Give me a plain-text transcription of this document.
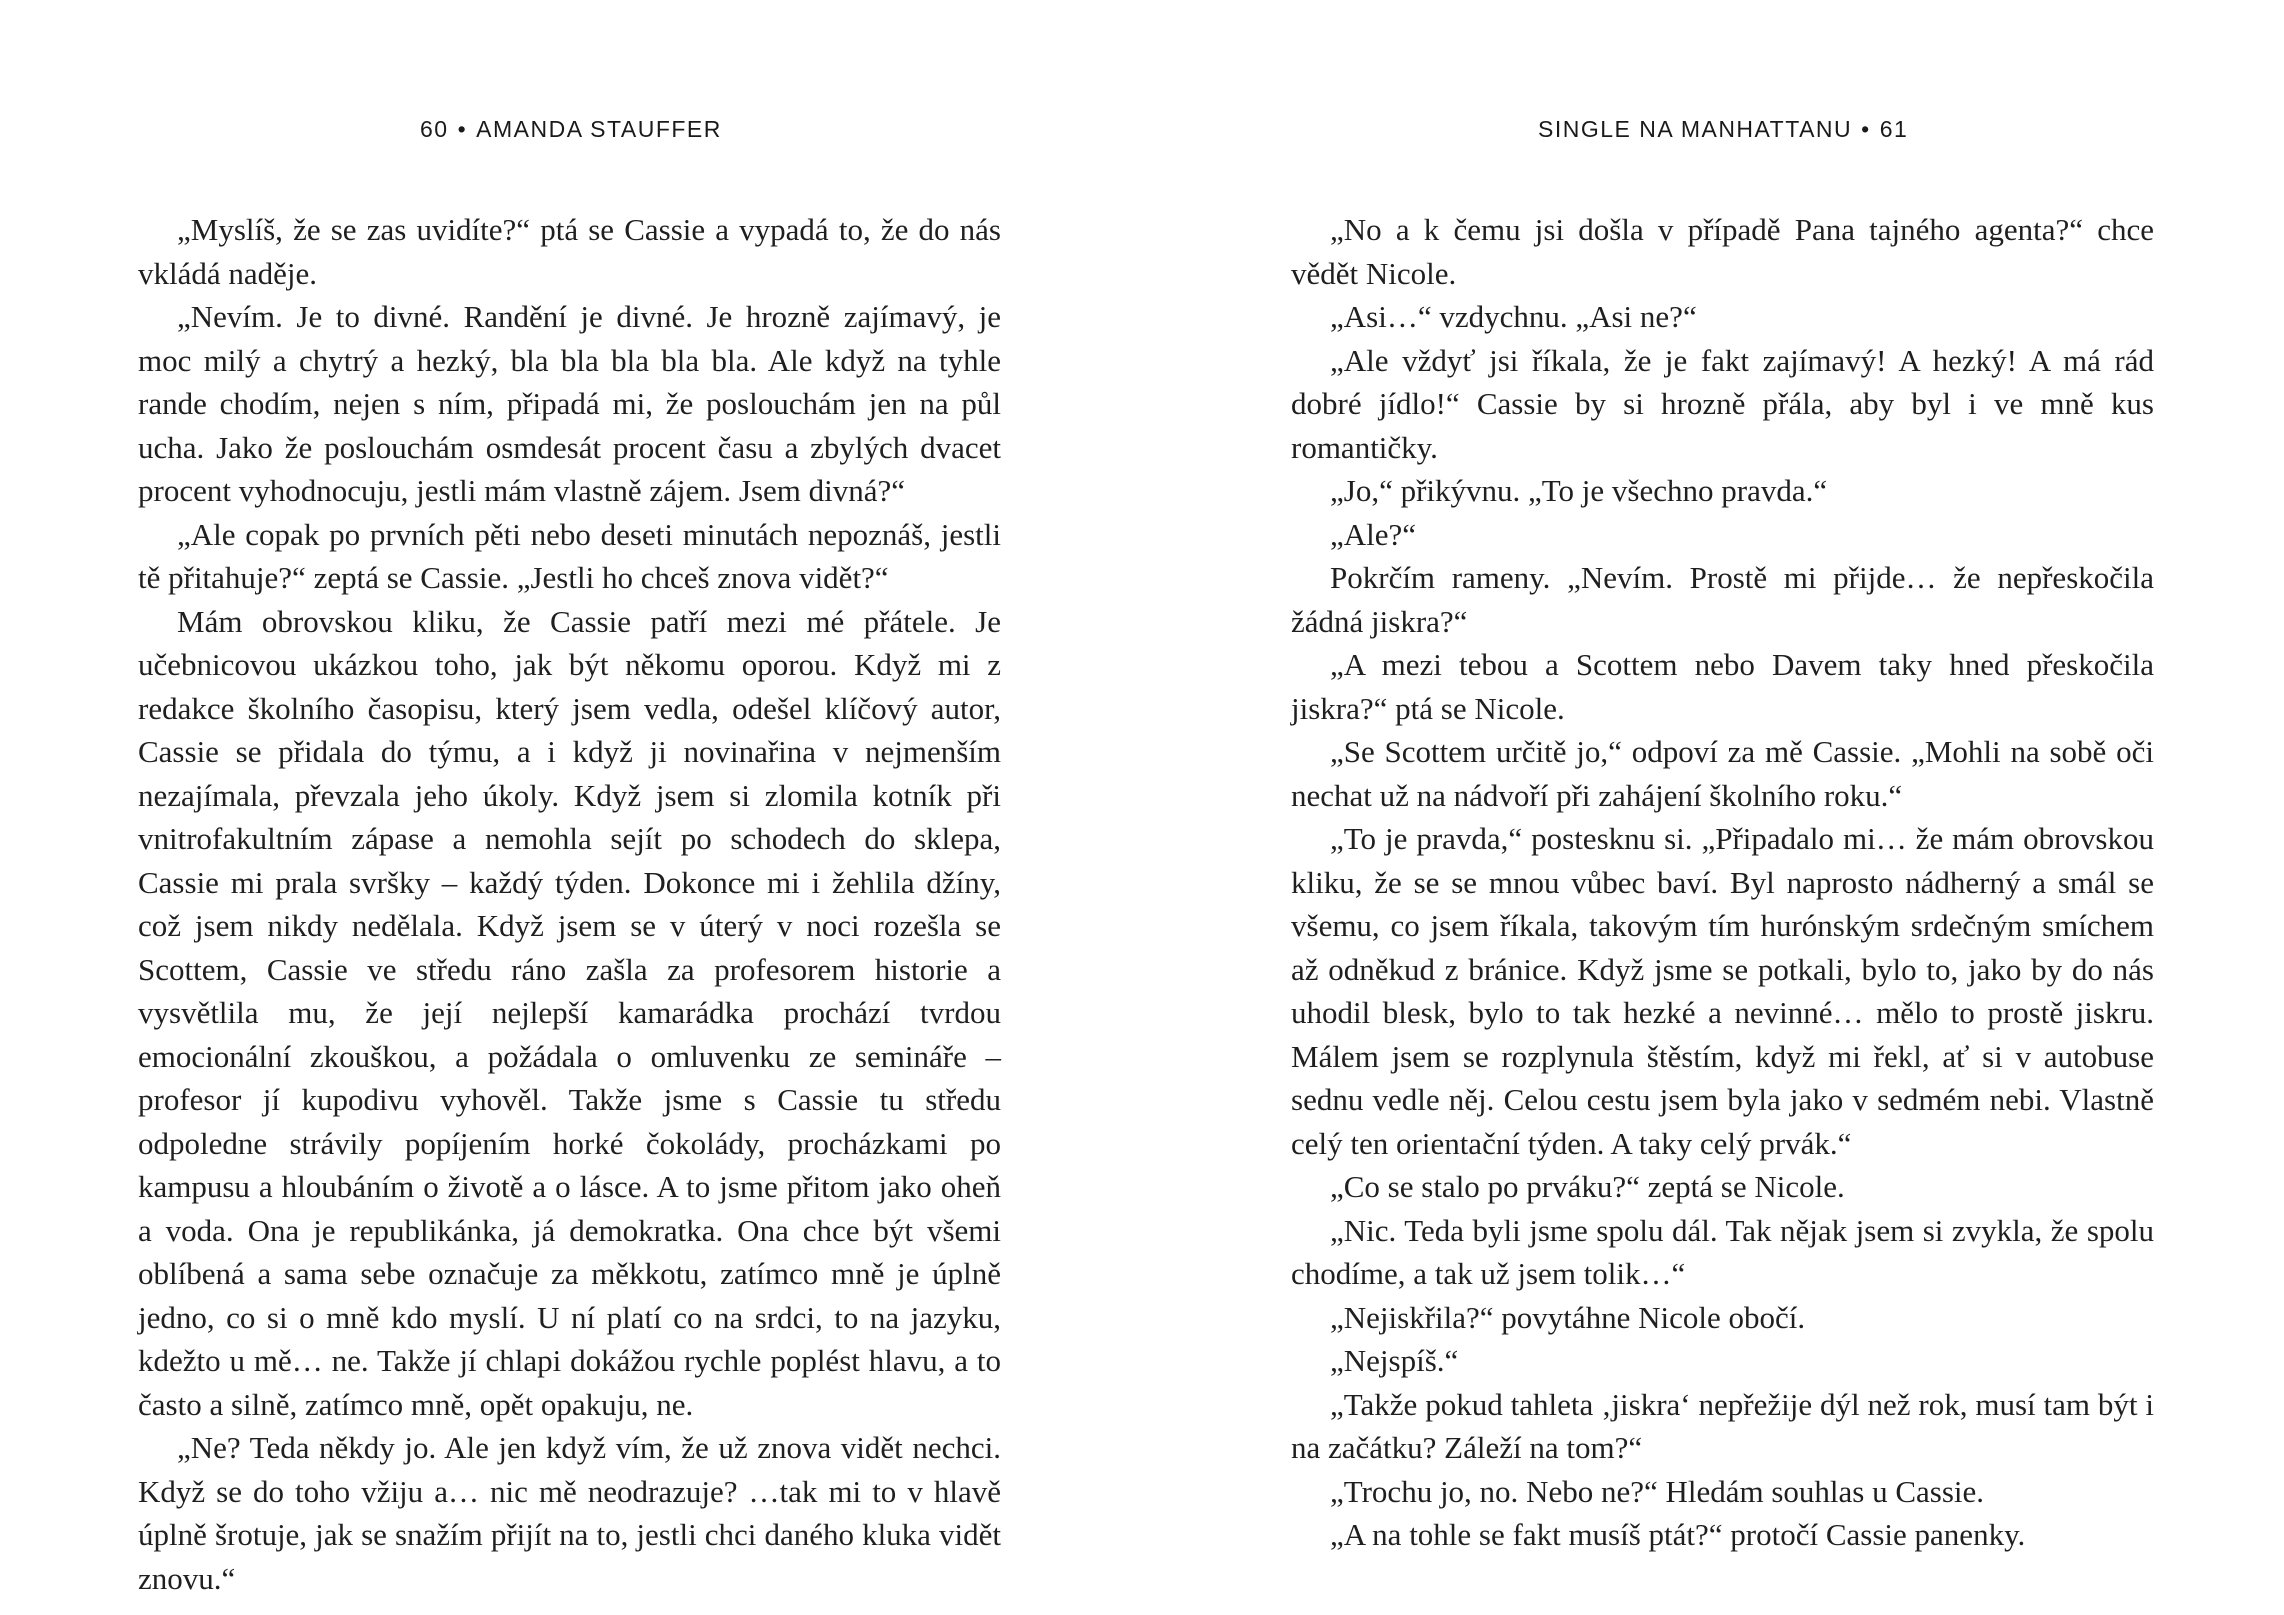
60 • AMANDA STAUFFER

„Myslíš, že se zas uvidíte?“ ptá se Cassie a vypadá to, že do nás vkládá naděje.

„Nevím. Je to divné. Randění je divné. Je hrozně zajímavý, je moc milý a chytrý a hezký, bla bla bla bla bla. Ale když na tyhle rande chodím, nejen s ním, připadá mi, že poslouchám jen na půl ucha. Jako že poslouchám osmdesát procent času a zbylých dvacet procent vyhodnocuju, jestli mám vlastně zájem. Jsem divná?“

„Ale copak po prvních pěti nebo deseti minutách nepoznáš, jestli tě přitahuje?“ zeptá se Cassie. „Jestli ho chceš znova vidět?“

Mám obrovskou kliku, že Cassie patří mezi mé přátele. Je učebnicovou ukázkou toho, jak být někomu oporou. Když mi z redakce školního časopisu, který jsem vedla, odešel klíčový autor, Cassie se přidala do týmu, a i když ji novinařina v nejmenším nezajímala, převzala jeho úkoly. Když jsem si zlomila kotník při vnitrofakultním zápase a nemohla sejít po schodech do sklepa, Cassie mi prala svršky – každý týden. Dokonce mi i žehlila džíny, což jsem nikdy nedělala. Když jsem se v úterý v noci rozešla se Scottem, Cassie ve středu ráno zašla za profesorem historie a vysvětlila mu, že její nejlepší kamarádka prochází tvrdou emocionální zkouškou, a požádala o omluvenku ze semináře – profesor jí kupodivu vyhověl. Takže jsme s Cassie tu středu odpoledne strávily popíjením horké čokolády, procházkami po kampusu a hloubáním o životě a o lásce. A to jsme přitom jako oheň a voda. Ona je republikánka, já demokratka. Ona chce být všemi oblíbená a sama sebe označuje za měkkotu, zatímco mně je úplně jedno, co si o mně kdo myslí. U ní platí co na srdci, to na jazyku, kdežto u mě… ne. Takže jí chlapi dokážou rychle poplést hlavu, a to často a silně, zatímco mně, opět opakuju, ne.

„Ne? Teda někdy jo. Ale jen když vím, že už znova vidět nechci. Když se do toho vžiju a… nic mě neodrazuje? …tak mi to v hlavě úplně šrotuje, jak se snažím přijít na to, jestli chci daného kluka vidět znovu.“

SINGLE NA MANHATTANU • 61

„No a k čemu jsi došla v případě Pana tajného agenta?“ chce vědět Nicole.

„Asi…“ vzdychnu. „Asi ne?“

„Ale vždyť jsi říkala, že je fakt zajímavý! A hezký! A má rád dobré jídlo!“ Cassie by si hrozně přála, aby byl i ve mně kus romantičky.

„Jo,“ přikývnu. „To je všechno pravda.“

„Ale?“

Pokrčím rameny. „Nevím. Prostě mi přijde… že nepřeskočila žádná jiskra?“

„A mezi tebou a Scottem nebo Davem taky hned přeskočila jiskra?“ ptá se Nicole.

„Se Scottem určitě jo,“ odpoví za mě Cassie. „Mohli na sobě oči nechat už na nádvoří při zahájení školního roku.“

„To je pravda,“ postesknu si. „Připadalo mi… že mám obrovskou kliku, že se se mnou vůbec baví. Byl naprosto nádherný a smál se všemu, co jsem říkala, takovým tím hurónským srdečným smíchem až odněkud z bránice. Když jsme se potkali, bylo to, jako by do nás uhodil blesk, bylo to tak hezké a nevinné… mělo to prostě jiskru. Málem jsem se rozplynula štěstím, když mi řekl, ať si v autobuse sednu vedle něj. Celou cestu jsem byla jako v sedmém nebi. Vlastně celý ten orientační týden. A taky celý prvák.“

„Co se stalo po prváku?“ zeptá se Nicole.

„Nic. Teda byli jsme spolu dál. Tak nějak jsem si zvykla, že spolu chodíme, a tak už jsem tolik…“

„Nejiskřila?“ povytáhne Nicole obočí.

„Nejspíš.“

„Takže pokud tahleta ‚jiskra‘ nepřežije dýl než rok, musí tam být i na začátku? Záleží na tom?“

„Trochu jo, no. Nebo ne?“ Hledám souhlas u Cassie.

„A na tohle se fakt musíš ptát?“ protočí Cassie panenky.
